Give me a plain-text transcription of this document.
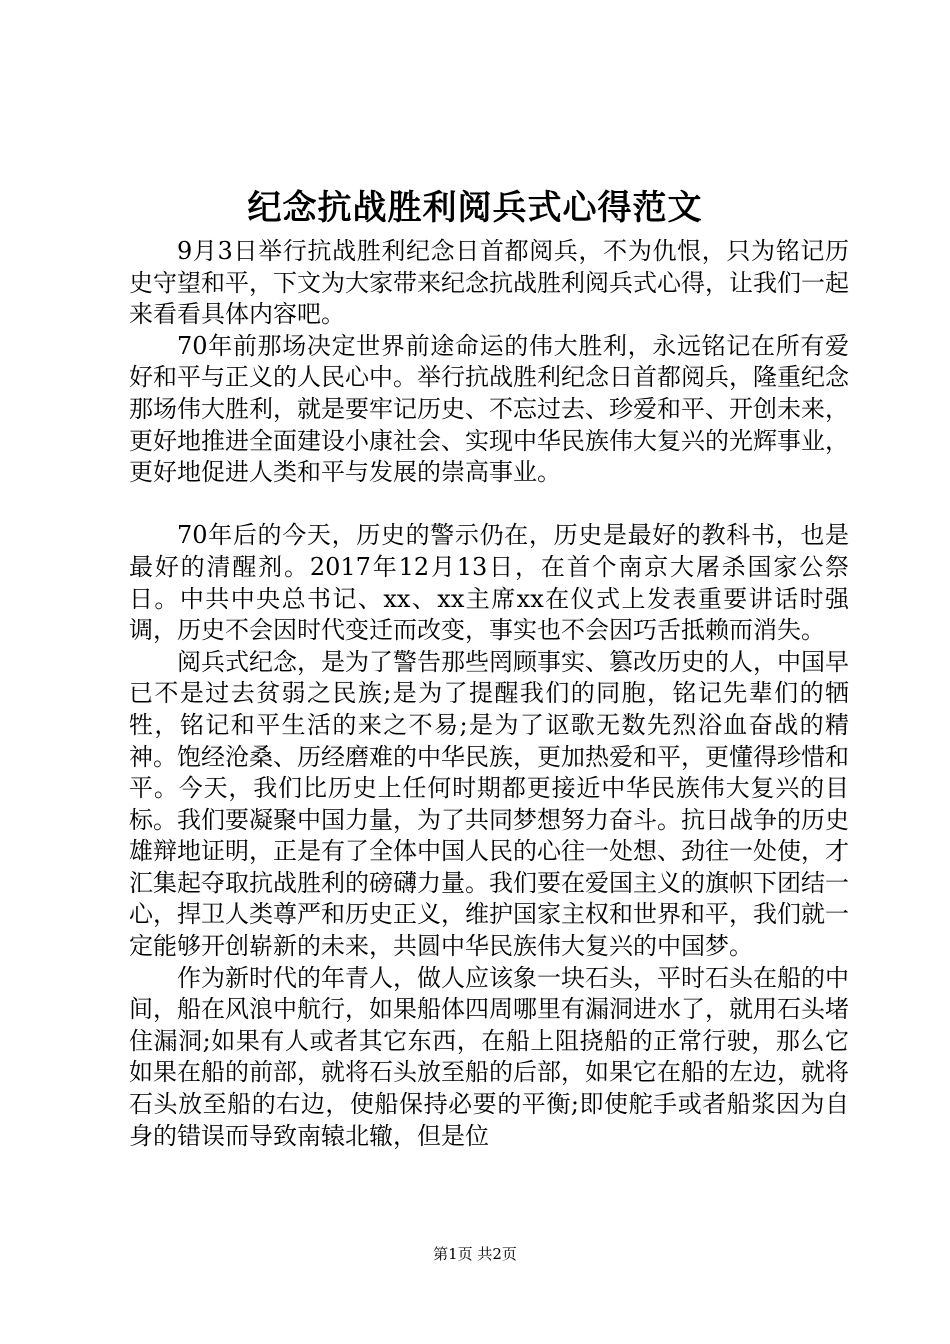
纪念抗战胜利阅兵式心得范文

9月3日举行抗战胜利纪念日首都阅兵，不为仇恨，只为铭记历史守望和平，下文为大家带来纪念抗战胜利阅兵式心得，让我们一起来看看具体内容吧。

70年前那场决定世界前途命运的伟大胜利，永远铭记在所有爱好和平与正义的人民心中。举行抗战胜利纪念日首都阅兵，隆重纪念那场伟大胜利，就是要牢记历史、不忘过去、珍爱和平、开创未来，更好地推进全面建设小康社会、实现中华民族伟大复兴的光辉事业，更好地促进人类和平与发展的崇高事业。

70年后的今天，历史的警示仍在，历史是最好的教科书，也是最好的清醒剂。2017年12月13日，在首个南京大屠杀国家公祭日。中共中央总书记、xx、xx主席xx在仪式上发表重要讲话时强调，历史不会因时代变迁而改变，事实也不会因巧舌抵赖而消失。

阅兵式纪念，是为了警告那些罔顾事实、篡改历史的人，中国早已不是过去贫弱之民族;是为了提醒我们的同胞，铭记先辈们的牺牲，铭记和平生活的来之不易;是为了讴歌无数先烈浴血奋战的精神。饱经沧桑、历经磨难的中华民族，更加热爱和平，更懂得珍惜和平。今天，我们比历史上任何时期都更接近中华民族伟大复兴的目标。我们要凝聚中国力量，为了共同梦想努力奋斗。抗日战争的历史雄辩地证明，正是有了全体中国人民的心往一处想、劲往一处使，才汇集起夺取抗战胜利的磅礴力量。我们要在爱国主义的旗帜下团结一心，捍卫人类尊严和历史正义，维护国家主权和世界和平，我们就一定能够开创崭新的未来，共圆中华民族伟大复兴的中国梦。

作为新时代的年青人，做人应该象一块石头，平时石头在船的中间，船在风浪中航行，如果船体四周哪里有漏洞进水了，就用石头堵住漏洞;如果有人或者其它东西，在船上阻挠船的正常行驶，那么它如果在船的前部，就将石头放至船的后部，如果它在船的左边，就将石头放至船的右边，使船保持必要的平衡;即使舵手或者船浆因为自身的错误而导致南辕北辙，但是位

第1页 共2页
